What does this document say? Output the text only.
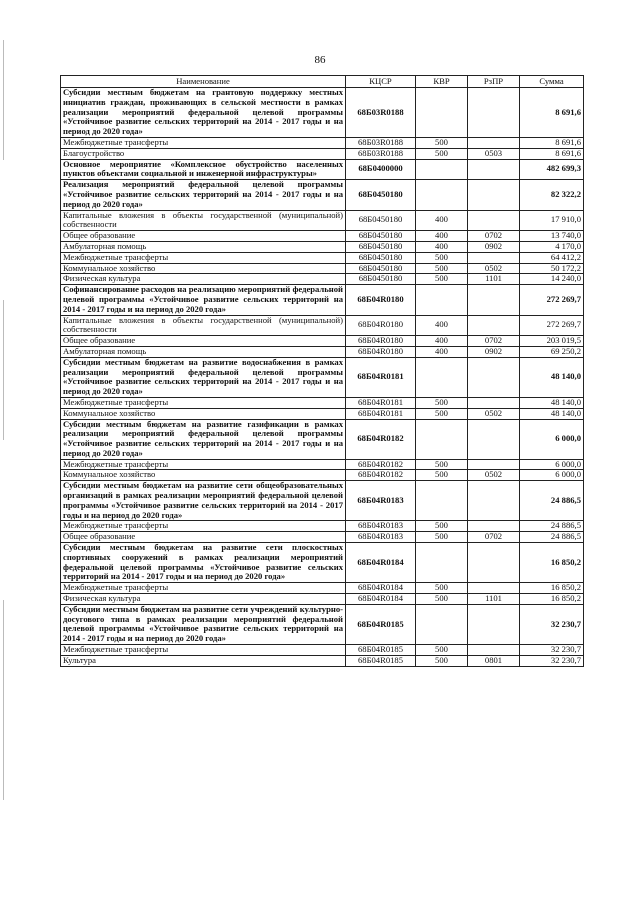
86
Наименование	КЦСР	КВР	РзПР	Сумма
Субсидии местным бюджетам на грантовую поддержку местных инициатив граждан, проживающих в сельской местности в рамках реализации мероприятий федеральной целевой программы «Устойчивое развитие сельских территорий на 2014 - 2017 годы и на период до 2020 года»	68Б03R0188			8 691,6
Межбюджетные трансферты	68Б03R0188	500		8 691,6
Благоустройство	68Б03R0188	500	0503	8 691,6
Основное мероприятие «Комплексное обустройство населенных пунктов объектами социальной и инженерной инфраструктуры»	68Б0400000			482 699,3
Реализация мероприятий федеральной целевой программы «Устойчивое развитие сельских территорий на 2014 - 2017 годы и на период до 2020 года»	68Б0450180			82 322,2
Капитальные вложения в объекты государственной (муниципальной) собственности	68Б0450180	400		17 910,0
Общее образование	68Б0450180	400	0702	13 740,0
Амбулаторная помощь	68Б0450180	400	0902	4 170,0
Межбюджетные трансферты	68Б0450180	500		64 412,2
Коммунальное хозяйство	68Б0450180	500	0502	50 172,2
Физическая культура	68Б0450180	500	1101	14 240,0
Софинансирование расходов на реализацию мероприятий федеральной целевой программы «Устойчивое развитие сельских территорий на 2014 - 2017 годы и на период до 2020 года»	68Б04R0180			272 269,7
Капитальные вложения в объекты государственной (муниципальной) собственности	68Б04R0180	400		272 269,7
Общее образование	68Б04R0180	400	0702	203 019,5
Амбулаторная помощь	68Б04R0180	400	0902	69 250,2
Субсидии местным бюджетам на развитие водоснабжения в рамках реализации мероприятий федеральной целевой программы «Устойчивое развитие сельских территорий на 2014 - 2017 годы и на период до 2020 года»	68Б04R0181			48 140,0
Межбюджетные трансферты	68Б04R0181	500		48 140,0
Коммунальное хозяйство	68Б04R0181	500	0502	48 140,0
Субсидии местным бюджетам на развитие газификации в рамках реализации мероприятий федеральной целевой программы «Устойчивое развитие сельских территорий на 2014 - 2017 годы и на период до 2020 года»	68Б04R0182			6 000,0
Межбюджетные трансферты	68Б04R0182	500		6 000,0
Коммунальное хозяйство	68Б04R0182	500	0502	6 000,0
Субсидии местным бюджетам на развитие сети общеобразовательных организаций в рамках реализации мероприятий федеральной целевой программы «Устойчивое развитие сельских территорий на 2014 - 2017 годы и на период до 2020 года»	68Б04R0183			24 886,5
Межбюджетные трансферты	68Б04R0183	500		24 886,5
Общее образование	68Б04R0183	500	0702	24 886,5
Субсидии местным бюджетам на развитие сети плоскостных спортивных сооружений в рамках реализации мероприятий федеральной целевой программы «Устойчивое развитие сельских территорий на 2014 - 2017 годы и на период до 2020 года»	68Б04R0184			16 850,2
Межбюджетные трансферты	68Б04R0184	500		16 850,2
Физическая культура	68Б04R0184	500	1101	16 850,2
Субсидии местным бюджетам на развитие сети учреждений культурно-досугового типа в рамках реализации мероприятий федеральной целевой программы «Устойчивое развитие сельских территорий на 2014 - 2017 годы и на период до 2020 года»	68Б04R0185			32 230,7
Межбюджетные трансферты	68Б04R0185	500		32 230,7
Культура	68Б04R0185	500	0801	32 230,7
